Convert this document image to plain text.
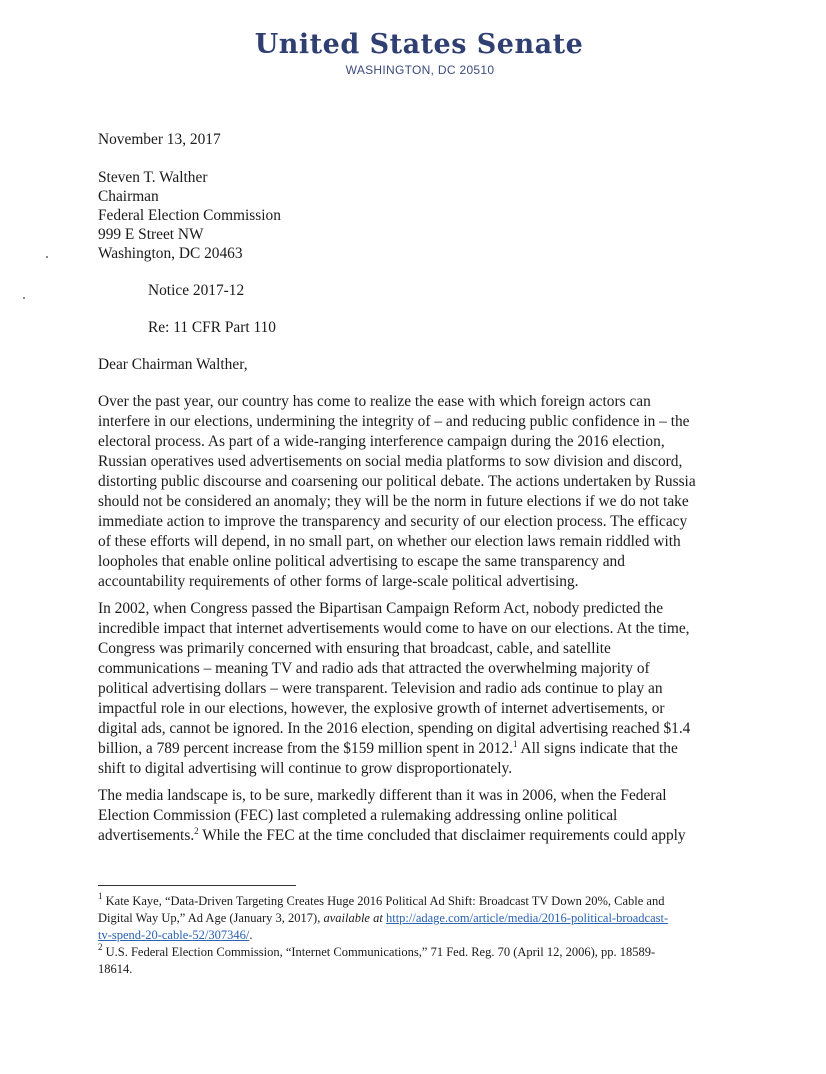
United States Senate
WASHINGTON, DC 20510
November 13, 2017
Steven T. Walther
Chairman
Federal Election Commission
999 E Street NW
Washington, DC 20463
Notice 2017-12
Re: 11 CFR Part 110
Dear Chairman Walther,
Over the past year, our country has come to realize the ease with which foreign actors can
interfere in our elections, undermining the integrity of – and reducing public confidence in – the
electoral process. As part of a wide-ranging interference campaign during the 2016 election,
Russian operatives used advertisements on social media platforms to sow division and discord,
distorting public discourse and coarsening our political debate. The actions undertaken by Russia
should not be considered an anomaly; they will be the norm in future elections if we do not take
immediate action to improve the transparency and security of our election process. The efficacy
of these efforts will depend, in no small part, on whether our election laws remain riddled with
loopholes that enable online political advertising to escape the same transparency and
accountability requirements of other forms of large-scale political advertising.
In 2002, when Congress passed the Bipartisan Campaign Reform Act, nobody predicted the
incredible impact that internet advertisements would come to have on our elections. At the time,
Congress was primarily concerned with ensuring that broadcast, cable, and satellite
communications – meaning TV and radio ads that attracted the overwhelming majority of
political advertising dollars – were transparent. Television and radio ads continue to play an
impactful role in our elections, however, the explosive growth of internet advertisements, or
digital ads, cannot be ignored. In the 2016 election, spending on digital advertising reached $1.4
billion, a 789 percent increase from the $159 million spent in 2012.$^1$ All signs indicate that the
shift to digital advertising will continue to grow disproportionately.
The media landscape is, to be sure, markedly different than it was in 2006, when the Federal
Election Commission (FEC) last completed a rulemaking addressing online political
advertisements.$^2$ While the FEC at the time concluded that disclaimer requirements could apply
$^1$ Kate Kaye, “Data-Driven Targeting Creates Huge 2016 Political Ad Shift: Broadcast TV Down 20%, Cable and
Digital Way Up,” Ad Age (January 3, 2017), available at http://adage.com/article/media/2016-political-broadcast-
tv-spend-20-cable-52/307346/.
$^2$ U.S. Federal Election Commission, “Internet Communications,” 71 Fed. Reg. 70 (April 12, 2006), pp. 18589-
18614.
